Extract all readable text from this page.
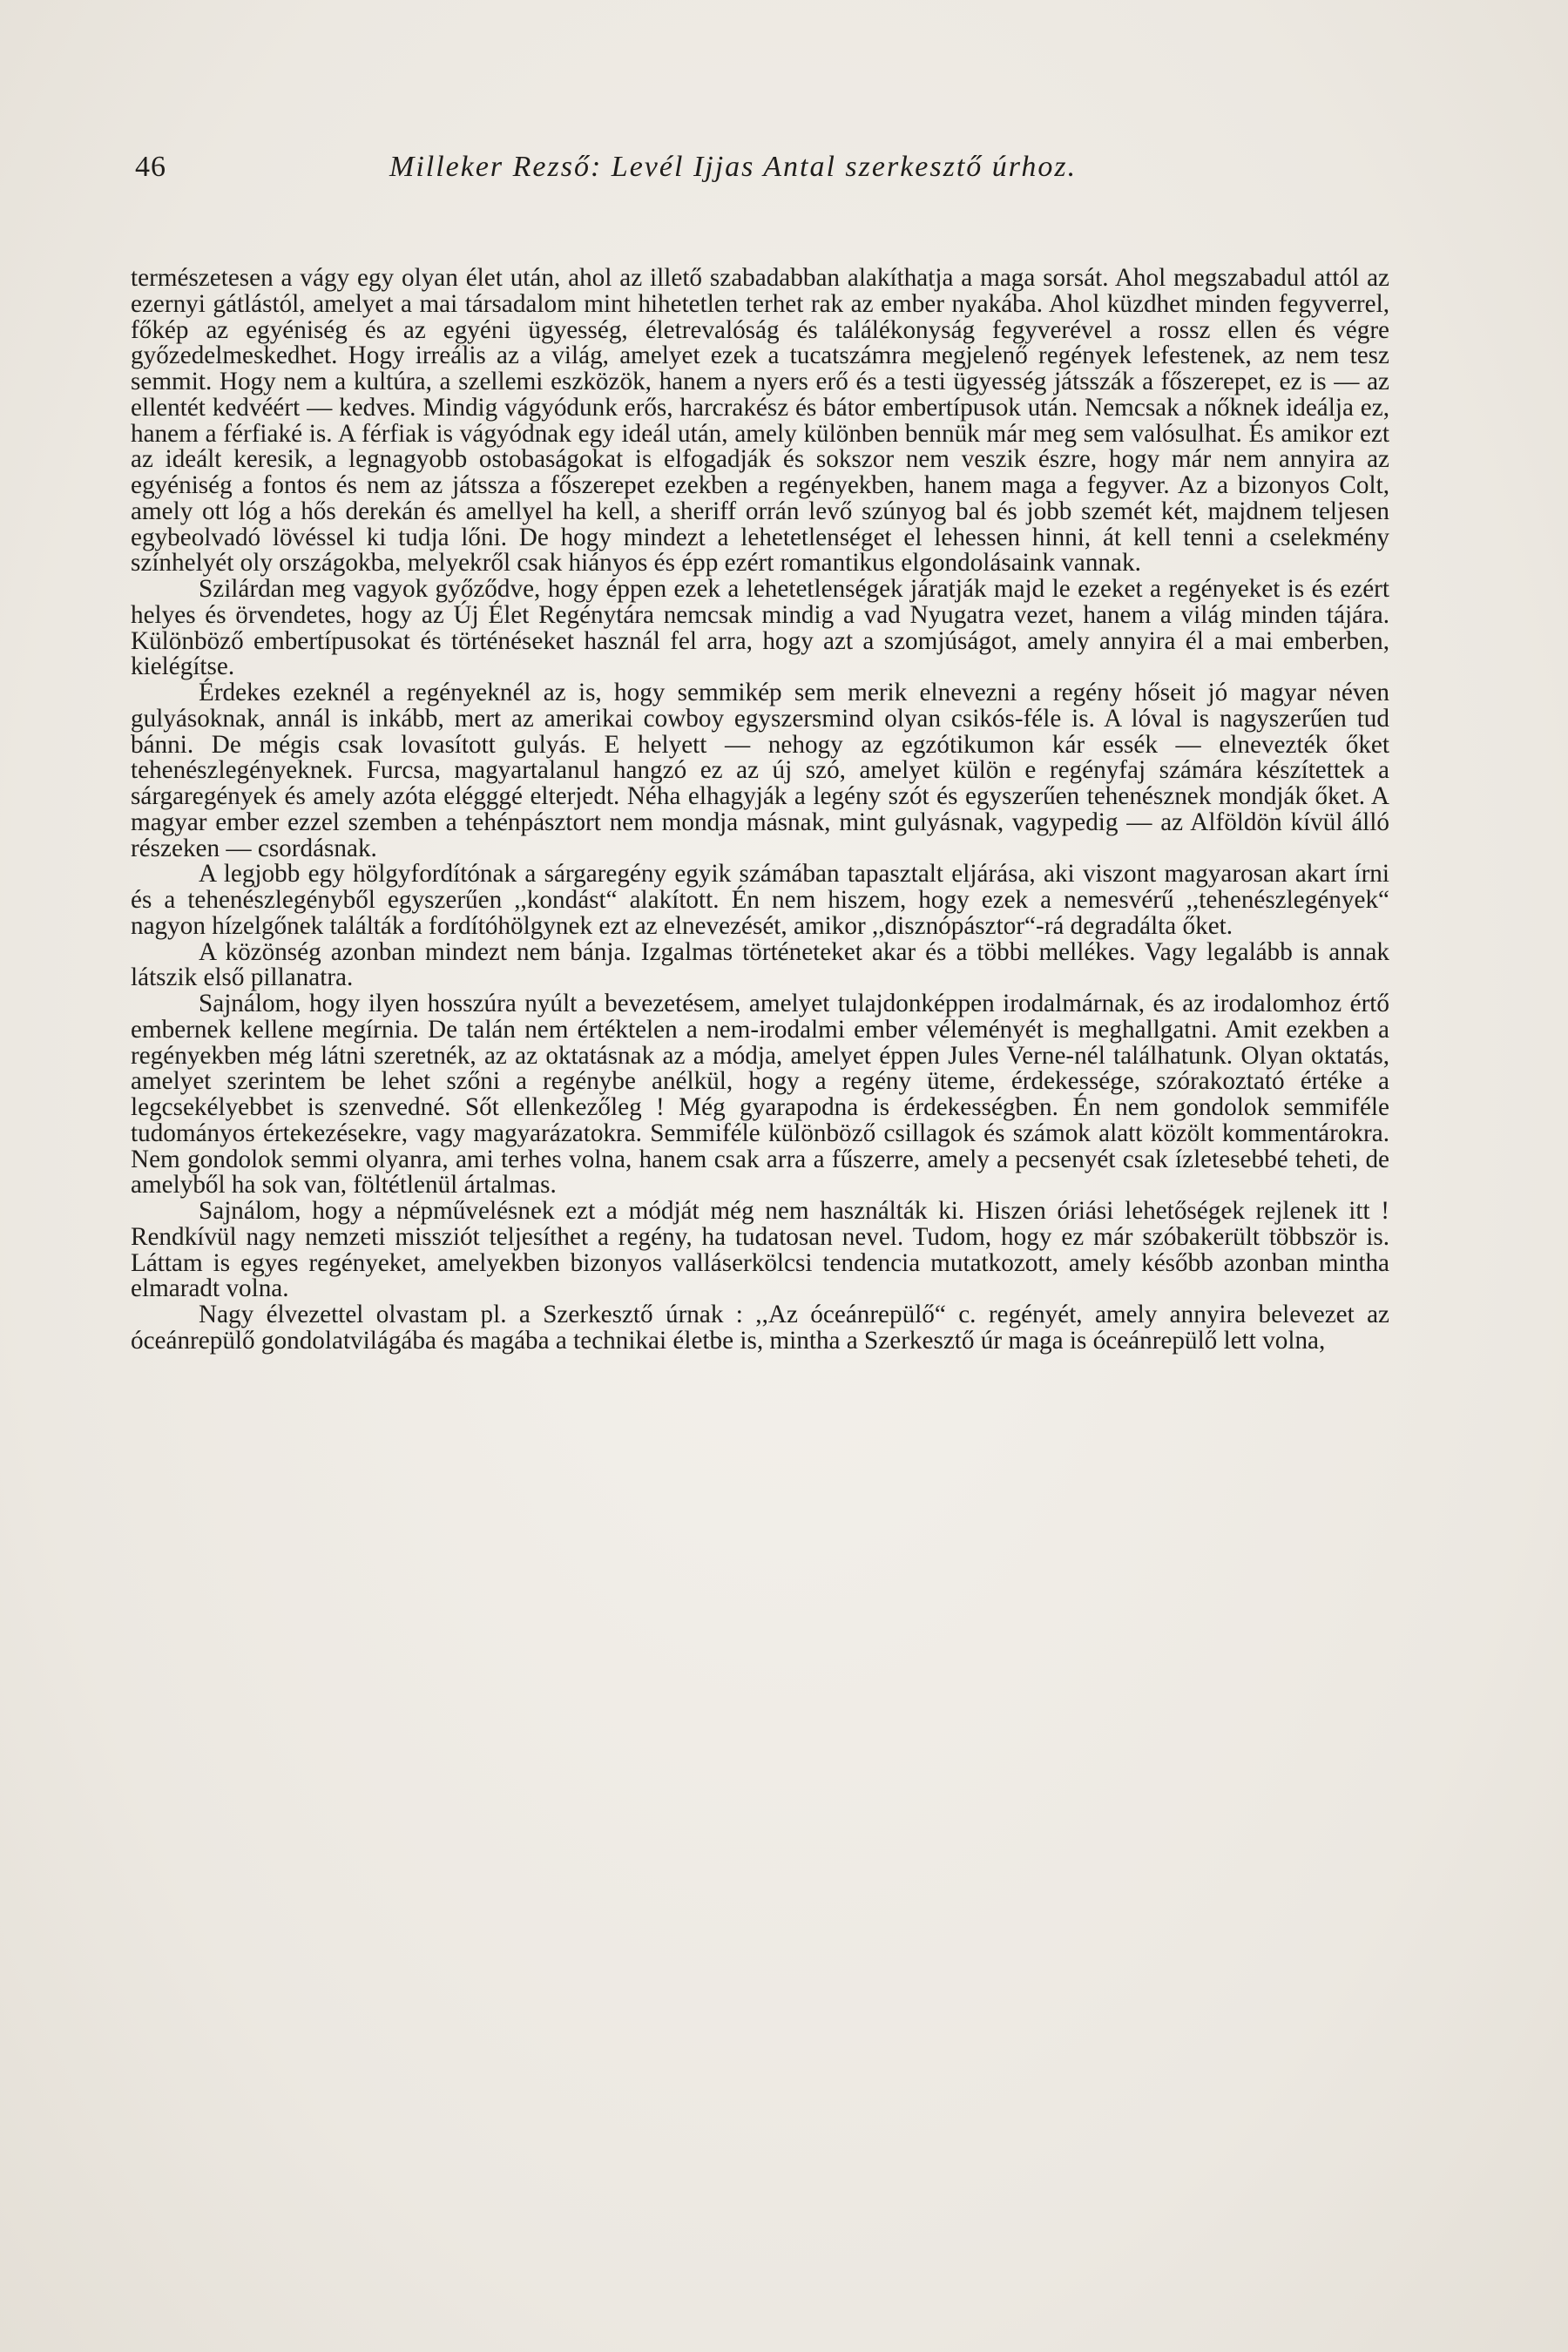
46	Milleker Rezső: Levél Ijjas Antal szerkesztő úrhoz.

természetesen a vágy egy olyan élet után, ahol az illető szabadabban alakíthatja a maga sorsát. Ahol megszabadul attól az ezernyi gátlástól, amelyet a mai társadalom mint hihetetlen terhet rak az ember nyakába. Ahol küzdhet minden fegyverrel, főkép az egyéniség és az egyéni ügyesség, életrevalóság és találékonyság fegyverével a rossz ellen és végre győzedelmeskedhet. Hogy irreális az a világ, amelyet ezek a tucatszámra megjelenő regények lefestenek, az nem tesz semmit. Hogy nem a kultúra, a szellemi eszközök, hanem a nyers erő és a testi ügyesség játsszák a főszerepet, ez is — az ellentét kedvéért — kedves. Mindig vágyódunk erős, harcrakész és bátor embertípusok után. Nemcsak a nőknek ideálja ez, hanem a férfiaké is. A férfiak is vágyódnak egy ideál után, amely különben bennük már meg sem valósulhat. És amikor ezt az ideált keresik, a legnagyobb ostobaságokat is elfogadják és sokszor nem veszik észre, hogy már nem annyira az egyéniség a fontos és nem az játssza a főszerepet ezekben a regényekben, hanem maga a fegyver. Az a bizonyos Colt, amely ott lóg a hős derekán és amellyel ha kell, a sheriff orrán levő szúnyog bal és jobb szemét két, majdnem teljesen egybeolvadó lövéssel ki tudja lőni. De hogy mindezt a lehetetlenséget el lehessen hinni, át kell tenni a cselekmény színhelyét oly országokba, melyekről csak hiányos és épp ezért romantikus elgondolásaink vannak.

Szilárdan meg vagyok győződve, hogy éppen ezek a lehetetlenségek járatják majd le ezeket a regényeket is és ezért helyes és örvendetes, hogy az Új Élet Regénytára nemcsak mindig a vad Nyugatra vezet, hanem a világ minden tájára. Különböző embertípusokat és történéseket használ fel arra, hogy azt a szomjúságot, amely annyira él a mai emberben, kielégítse.

Érdekes ezeknél a regényeknél az is, hogy semmikép sem merik elnevezni a regény hőseit jó magyar néven gulyásoknak, annál is inkább, mert az amerikai cowboy egyszersmind olyan csikós-féle is. A lóval is nagyszerűen tud bánni. De mégis csak lovasított gulyás. E helyett — nehogy az egzótikumon kár essék — elnevezték őket tehenészlegényeknek. Furcsa, magyartalanul hangzó ez az új szó, amelyet külön e regényfaj számára készítettek a sárgaregények és amely azóta elégggé elterjedt. Néha elhagyják a legény szót és egyszerűen tehenésznek mondják őket. A magyar ember ezzel szemben a tehénpásztort nem mondja másnak, mint gulyásnak, vagypedig — az Alföldön kívül álló részeken — csordásnak.

A legjobb egy hölgyfordítónak a sárgaregény egyik számában tapasztalt eljárása, aki viszont magyarosan akart írni és a tehenészlegényből egyszerűen ,,kondást“ alakított. Én nem hiszem, hogy ezek a nemesvérű ,,tehenészlegények“ nagyon hízelgőnek találták a fordítóhölgynek ezt az elnevezését, amikor ,,disznópásztor“-rá degradálta őket.

A közönség azonban mindezt nem bánja. Izgalmas történeteket akar és a többi mellékes. Vagy legalább is annak látszik első pillanatra.

Sajnálom, hogy ilyen hosszúra nyúlt a bevezetésem, amelyet tulajdonképpen irodalmárnak, és az irodalomhoz értő embernek kellene megírnia. De talán nem értéktelen a nem-irodalmi ember véleményét is meghallgatni. Amit ezekben a regényekben még látni szeretnék, az az oktatásnak az a módja, amelyet éppen Jules Verne-nél találhatunk. Olyan oktatás, amelyet szerintem be lehet szőni a regénybe anélkül, hogy a regény üteme, érdekessége, szórakoztató értéke a legcsekélyebbet is szenvedné. Sőt ellenkezőleg ! Még gyarapodna is érdekességben. Én nem gondolok semmiféle tudományos értekezésekre, vagy magyarázatokra. Semmiféle különböző csillagok és számok alatt közölt kommentárokra. Nem gondolok semmi olyanra, ami terhes volna, hanem csak arra a fűszerre, amely a pecsenyét csak ízletesebbé teheti, de amelyből ha sok van, föltétlenül ártalmas.

Sajnálom, hogy a népművelésnek ezt a módját még nem használták ki. Hiszen óriási lehetőségek rejlenek itt ! Rendkívül nagy nemzeti missziót teljesíthet a regény, ha tudatosan nevel. Tudom, hogy ez már szóbakerült többször is. Láttam is egyes regényeket, amelyekben bizonyos valláserkölcsi tendencia mutatkozott, amely később azonban mintha elmaradt volna.

Nagy élvezettel olvastam pl. a Szerkesztő úrnak : ,,Az óceánrepülő“ c. regényét, amely annyira belevezet az óceánrepülő gondolatvilágába és magába a technikai életbe is, mintha a Szerkesztő úr maga is óceánrepülő lett volna,
